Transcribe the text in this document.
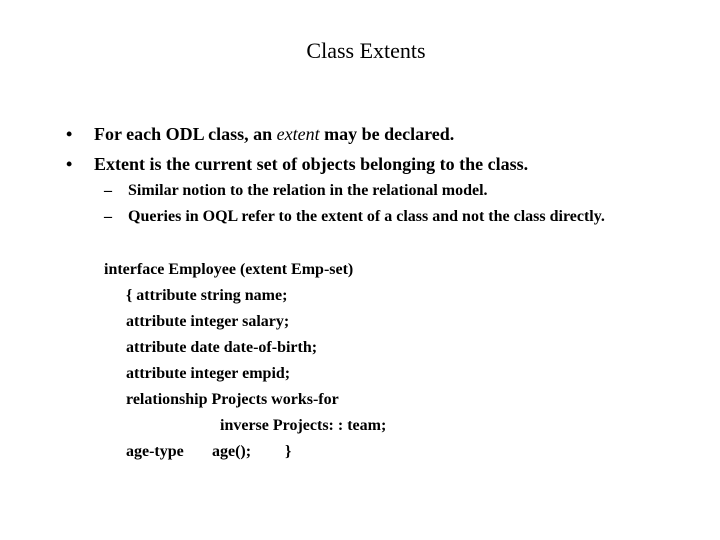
Class Extents
• For each ODL class, an extent may be declared.
• Extent is the current set of objects belonging to the class.
– Similar notion to the relation in the relational model.
– Queries in OQL refer to the extent of a class and not the class directly.
interface Employee (extent Emp-set)
{ attribute string name;
attribute integer salary;
attribute date date-of-birth;
attribute integer empid;
relationship Projects works-for
inverse Projects: : team;
age-type age(); }
